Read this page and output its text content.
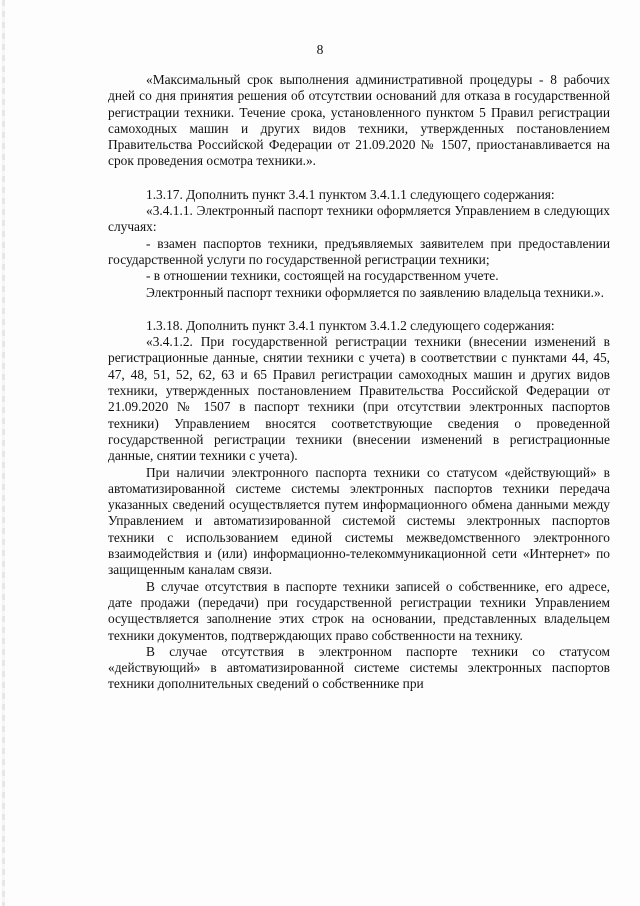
8

«Максимальный срок выполнения административной процедуры - 8 рабочих дней со дня принятия решения об отсутствии оснований для отказа в государственной регистрации техники. Течение срока, установленного пунктом 5 Правил регистрации самоходных машин и других видов техники, утвержденных постановлением Правительства Российской Федерации от 21.09.2020 № 1507, приостанавливается на срок проведения осмотра техники.».

1.3.17. Дополнить пункт 3.4.1 пунктом 3.4.1.1 следующего содержания:

«3.4.1.1. Электронный паспорт техники оформляется Управлением в следующих случаях:

- взамен паспортов техники, предъявляемых заявителем при предоставлении государственной услуги по государственной регистрации техники;

- в отношении техники, состоящей на государственном учете.

Электронный паспорт техники оформляется по заявлению владельца техники.».

1.3.18. Дополнить пункт 3.4.1 пунктом 3.4.1.2 следующего содержания:

«3.4.1.2. При государственной регистрации техники (внесении изменений в регистрационные данные, снятии техники с учета) в соответствии с пунктами 44, 45, 47, 48, 51, 52, 62, 63 и 65 Правил регистрации самоходных машин и других видов техники, утвержденных постановлением Правительства Российской Федерации от 21.09.2020 № 1507 в паспорт техники (при отсутствии электронных паспортов техники) Управлением вносятся соответствующие сведения о проведенной государственной регистрации техники (внесении изменений в регистрационные данные, снятии техники с учета).

При наличии электронного паспорта техники со статусом «действующий» в автоматизированной системе системы электронных паспортов техники передача указанных сведений осуществляется путем информационного обмена данными между Управлением и автоматизированной системой системы электронных паспортов техники с использованием единой системы межведомственного электронного взаимодействия и (или) информационно-телекоммуникационной сети «Интернет» по защищенным каналам связи.

В случае отсутствия в паспорте техники записей о собственнике, его адресе, дате продажи (передачи) при государственной регистрации техники Управлением осуществляется заполнение этих строк на основании, представленных владельцем техники документов, подтверждающих право собственности на технику.

В случае отсутствия в электронном паспорте техники со статусом «действующий» в автоматизированной системе системы электронных паспортов техники дополнительных сведений о собственнике при
